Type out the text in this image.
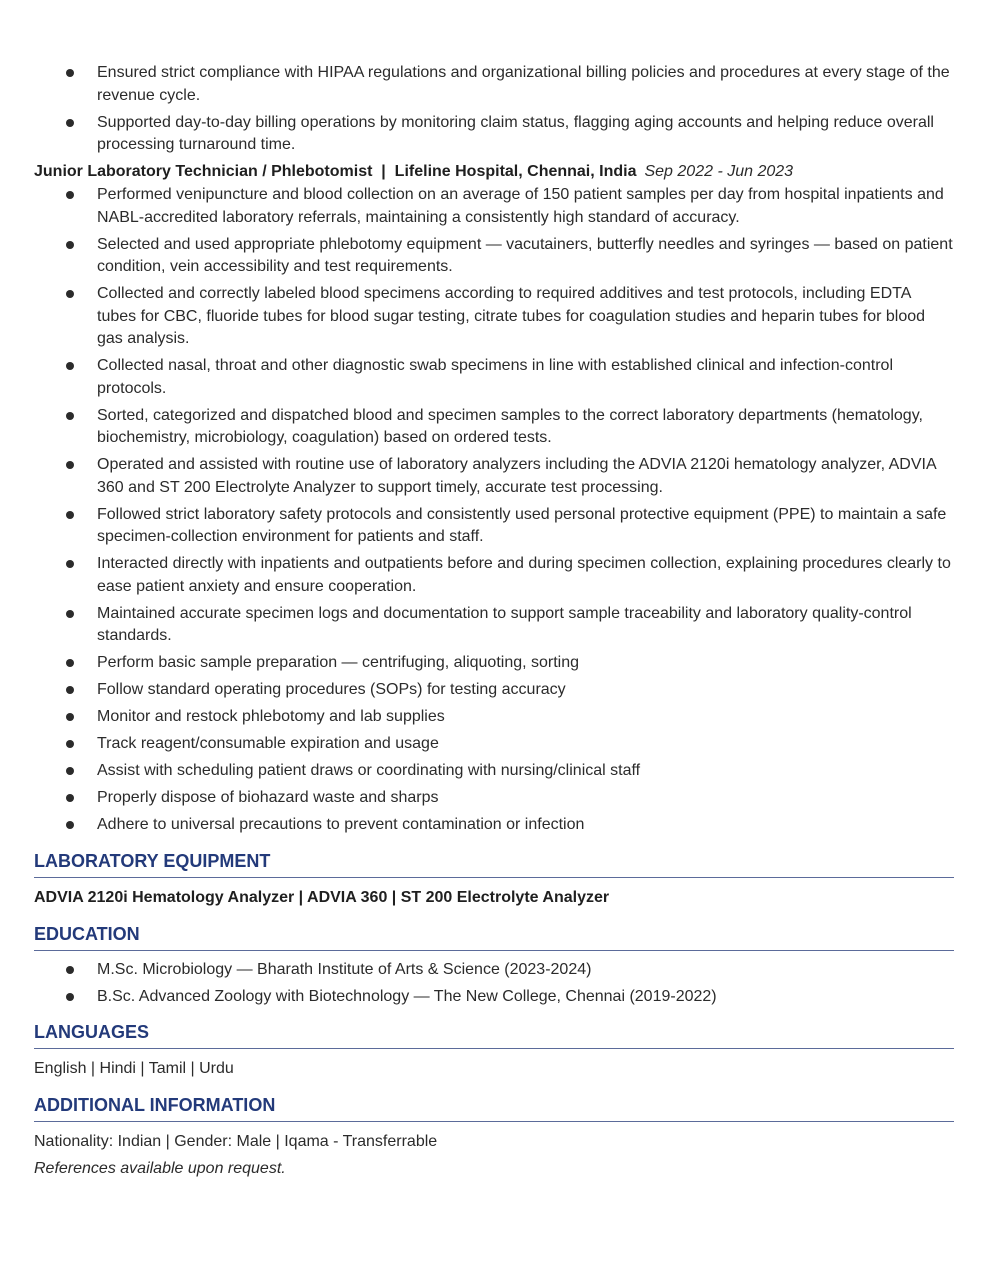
Ensured strict compliance with HIPAA regulations and organizational billing policies and procedures at every stage of the revenue cycle.
Supported day-to-day billing operations by monitoring claim status, flagging aging accounts and helping reduce overall processing turnaround time.
Junior Laboratory Technician / Phlebotomist  |  Lifeline Hospital, Chennai, India Sep 2022 - Jun 2023
Performed venipuncture and blood collection on an average of 150 patient samples per day from hospital inpatients and NABL-accredited laboratory referrals, maintaining a consistently high standard of accuracy.
Selected and used appropriate phlebotomy equipment — vacutainers, butterfly needles and syringes — based on patient condition, vein accessibility and test requirements.
Collected and correctly labeled blood specimens according to required additives and test protocols, including EDTA tubes for CBC, fluoride tubes for blood sugar testing, citrate tubes for coagulation studies and heparin tubes for blood gas analysis.
Collected nasal, throat and other diagnostic swab specimens in line with established clinical and infection-control protocols.
Sorted, categorized and dispatched blood and specimen samples to the correct laboratory departments (hematology, biochemistry, microbiology, coagulation) based on ordered tests.
Operated and assisted with routine use of laboratory analyzers including the ADVIA 2120i hematology analyzer, ADVIA 360 and ST 200 Electrolyte Analyzer to support timely, accurate test processing.
Followed strict laboratory safety protocols and consistently used personal protective equipment (PPE) to maintain a safe specimen-collection environment for patients and staff.
Interacted directly with inpatients and outpatients before and during specimen collection, explaining procedures clearly to ease patient anxiety and ensure cooperation.
Maintained accurate specimen logs and documentation to support sample traceability and laboratory quality-control standards.
Perform basic sample preparation — centrifuging, aliquoting, sorting
Follow standard operating procedures (SOPs) for testing accuracy
Monitor and restock phlebotomy and lab supplies
Track reagent/consumable expiration and usage
Assist with scheduling patient draws or coordinating with nursing/clinical staff
Properly dispose of biohazard waste and sharps
Adhere to universal precautions to prevent contamination or infection
LABORATORY EQUIPMENT

ADVIA 2120i Hematology Analyzer | ADVIA 360 | ST 200 Electrolyte Analyzer

EDUCATION
M.Sc. Microbiology — Bharath Institute of Arts & Science (2023-2024)
B.Sc. Advanced Zoology with Biotechnology — The New College, Chennai (2019-2022)
LANGUAGES

English | Hindi | Tamil | Urdu

ADDITIONAL INFORMATION

Nationality: Indian | Gender: Male | Iqama - Transferrable

References available upon request.
